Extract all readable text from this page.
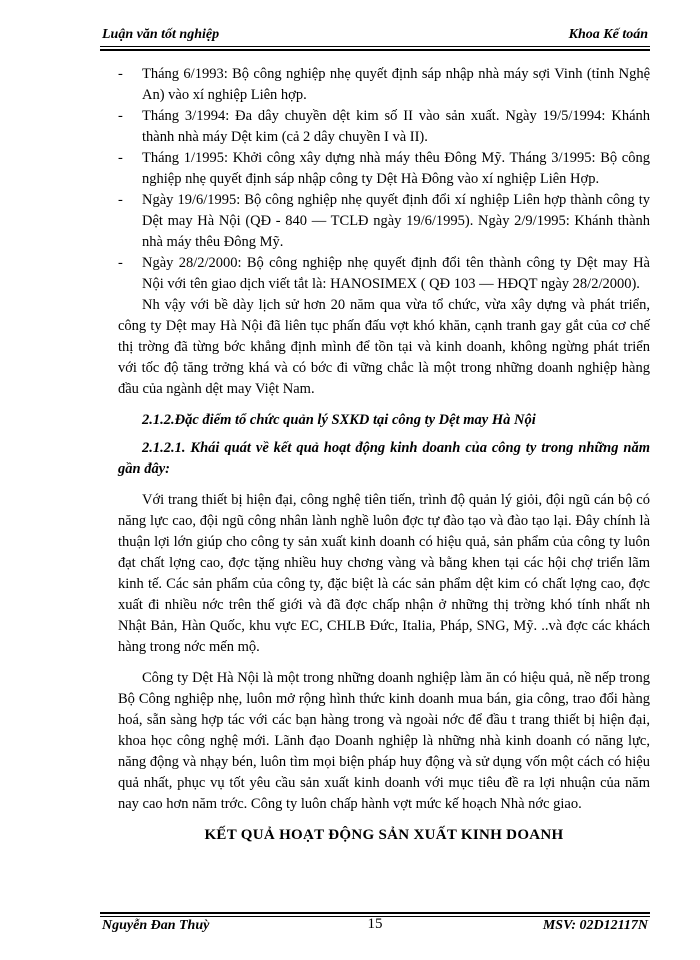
Luận văn tốt nghiệp	Khoa Kế toán
- Tháng 6/1993: Bộ công nghiệp nhẹ quyết định sáp nhập nhà máy sợi Vinh (tỉnh Nghệ An) vào xí nghiệp Liên hợp.
- Tháng 3/1994: Đa dây chuyền dệt kim số II vào sản xuất. Ngày 19/5/1994: Khánh thành nhà máy Dệt kim (cả 2 dây chuyền I và II).
- Tháng 1/1995: Khởi công xây dựng nhà máy thêu Đông Mỹ. Tháng 3/1995: Bộ công nghiệp nhẹ quyết định sáp nhập công ty Dệt Hà Đông vào xí nghiệp Liên Hợp.
- Ngày 19/6/1995: Bộ công nghiệp nhẹ quyết định đổi xí nghiệp Liên hợp thành công ty Dệt may Hà Nội (QĐ - 840 — TCLĐ ngày 19/6/1995). Ngày 2/9/1995: Khánh thành nhà máy thêu Đông Mỹ.
- Ngày 28/2/2000: Bộ công nghiệp nhẹ quyết định đổi tên thành công ty Dệt may Hà Nội với tên giao dịch viết tắt là: HANOSIMEX ( QĐ 103 — HĐQT ngày 28/2/2000).

Nh vậy với bề dày lịch sử hơn 20 năm qua vừa tổ chức, vừa xây dựng và phát triển, công ty Dệt may Hà Nội đã liên tục phấn đấu vợt khó khăn, cạnh tranh gay gắt của cơ chế thị trờng đã từng bớc khẳng định mình để tồn tại và kinh doanh, không ngừng phát triển với tốc độ tăng trởng khá và có bớc đi vững chắc là một trong những doanh nghiệp hàng đầu của ngành dệt may Việt Nam.

2.1.2.Đặc điểm tổ chức quản lý SXKD tại công ty Dệt may Hà Nội

2.1.2.1. Khái quát về kết quả hoạt động kinh doanh của công ty trong những năm gần đây:

Với trang thiết bị hiện đại, công nghệ tiên tiến, trình độ quản lý giỏi, đội ngũ cán bộ có năng lực cao, đội ngũ công nhân lành nghề luôn đợc tự đào tạo và đào tạo lại. Đây chính là thuận lợi lớn giúp cho công ty sản xuất kinh doanh có hiệu quả, sản phẩm của công ty luôn đạt chất lợng cao, đợc tặng nhiều huy chơng vàng và bằng khen tại các hội chợ triển lãm kinh tế. Các sản phẩm của công ty, đặc biệt là các sản phẩm dệt kim có chất lợng cao, đợc xuất đi nhiều nớc trên thế giới và đã đợc chấp nhận ở những thị trờng khó tính nhất nh Nhật Bản, Hàn Quốc, khu vực EC, CHLB Đức, Italia, Pháp, SNG, Mỹ. ..và đợc các khách hàng trong nớc mến mộ.

Công ty Dệt Hà Nội là một trong những doanh nghiệp làm ăn có hiệu quả, nề nếp trong Bộ Công nghiệp nhẹ, luôn mở rộng hình thức kinh doanh mua bán, gia công, trao đổi hàng hoá, sẵn sàng hợp tác với các bạn hàng trong và ngoài nớc để đầu t trang thiết bị hiện đại, khoa học công nghệ mới. Lãnh đạo Doanh nghiệp là những nhà kinh doanh có năng lực, năng động và nhạy bén, luôn tìm mọi biện pháp huy động và sử dụng vốn một cách có hiệu quả nhất, phục vụ tốt yêu cầu sản xuất kinh doanh với mục tiêu đề ra lợi nhuận của năm nay cao hơn năm trớc. Công ty luôn chấp hành vợt mức kế hoạch Nhà nớc giao.

KẾT QUẢ HOẠT ĐỘNG SẢN XUẤT KINH DOANH
Nguyễn Đan Thuỳ	15	MSV: 02D12117N
